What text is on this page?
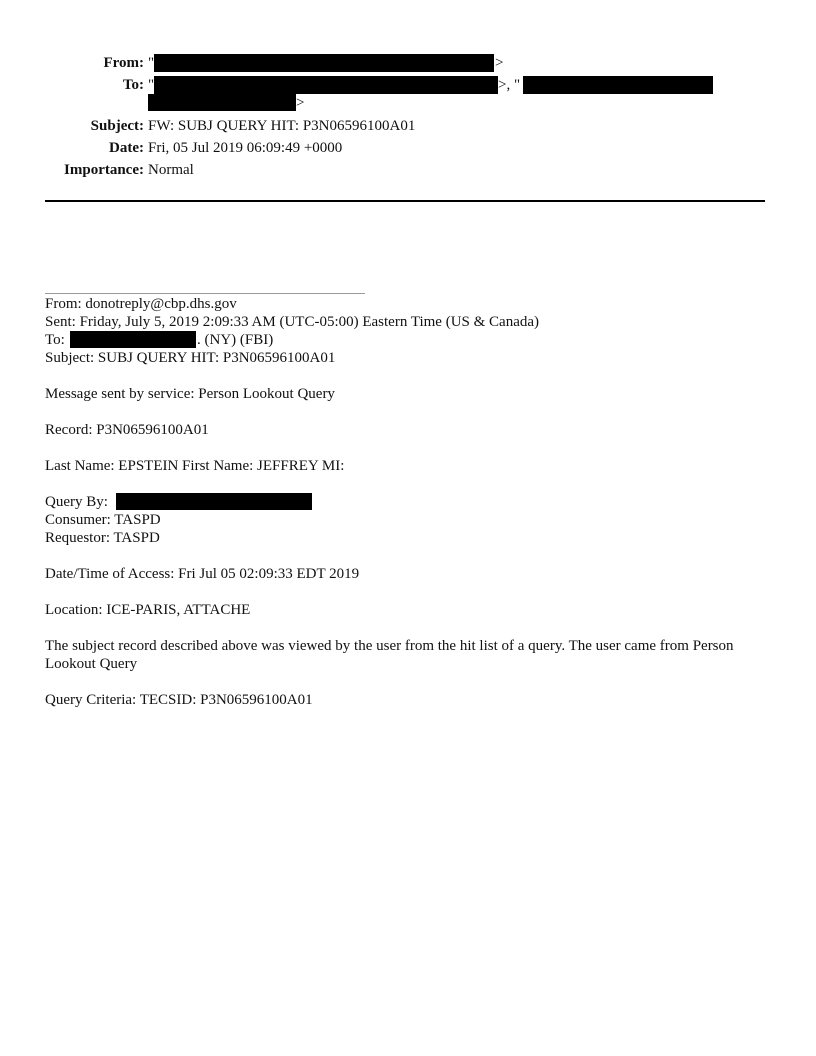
From: "	>
To: "	>, "
>
Subject: FW: SUBJ QUERY HIT: P3N06596100A01
Date: Fri, 05 Jul 2019 06:09:49 +0000
Importance: Normal
From: donotreply@cbp.dhs.gov
Sent: Friday, July 5, 2019 2:09:33 AM (UTC-05:00) Eastern Time (US & Canada)
To:	. (NY) (FBI)
Subject: SUBJ QUERY HIT: P3N06596100A01
Message sent by service: Person Lookout Query
Record: P3N06596100A01
Last Name: EPSTEIN First Name: JEFFREY MI:
Query By:
Consumer: TASPD
Requestor: TASPD
Date/Time of Access: Fri Jul 05 02:09:33 EDT 2019
Location: ICE-PARIS, ATTACHE
The subject record described above was viewed by the user from the hit list of a query. The user came from Person Lookout Query
Query Criteria: TECSID: P3N06596100A01
